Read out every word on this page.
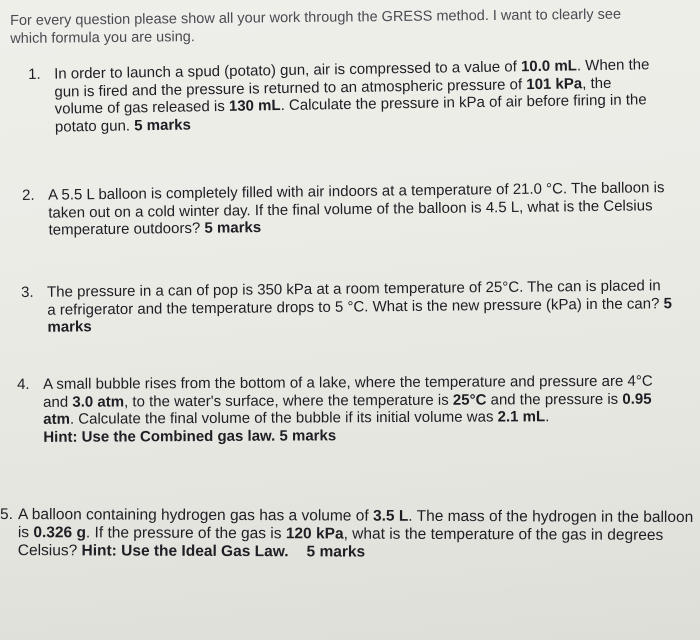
For every question please show all your work through the GRESS method. I want to clearly see

which formula you are using.

1. In order to launch a spud (potato) gun, air is compressed to a value of 10.0 mL. When the gun is fired and the pressure is returned to an atmospheric pressure of 101 kPa, the volume of gas released is 130 mL. Calculate the pressure in kPa of air before firing in the potato gun. 5 marks
2. A 5.5 L balloon is completely filled with air indoors at a temperature of 21.0 °C. The balloon is taken out on a cold winter day. If the final volume of the balloon is 4.5 L, what is the Celsius temperature outdoors? 5 marks
3. The pressure in a can of pop is 350 kPa at a room temperature of 25°C. The can is placed in a refrigerator and the temperature drops to 5 °C. What is the new pressure (kPa) in the can? 5 marks
4. A small bubble rises from the bottom of a lake, where the temperature and pressure are 4°C and 3.0 atm, to the water's surface, where the temperature is 25°C and the pressure is 0.95 atm. Calculate the final volume of the bubble if its initial volume was 2.1 mL.
Hint: Use the Combined gas law. 5 marks
5. A balloon containing hydrogen gas has a volume of 3.5 L. The mass of the hydrogen in the balloon is 0.326 g. If the pressure of the gas is 120 kPa, what is the temperature of the gas in degrees Celsius? Hint: Use the Ideal Gas Law. 5 marks
